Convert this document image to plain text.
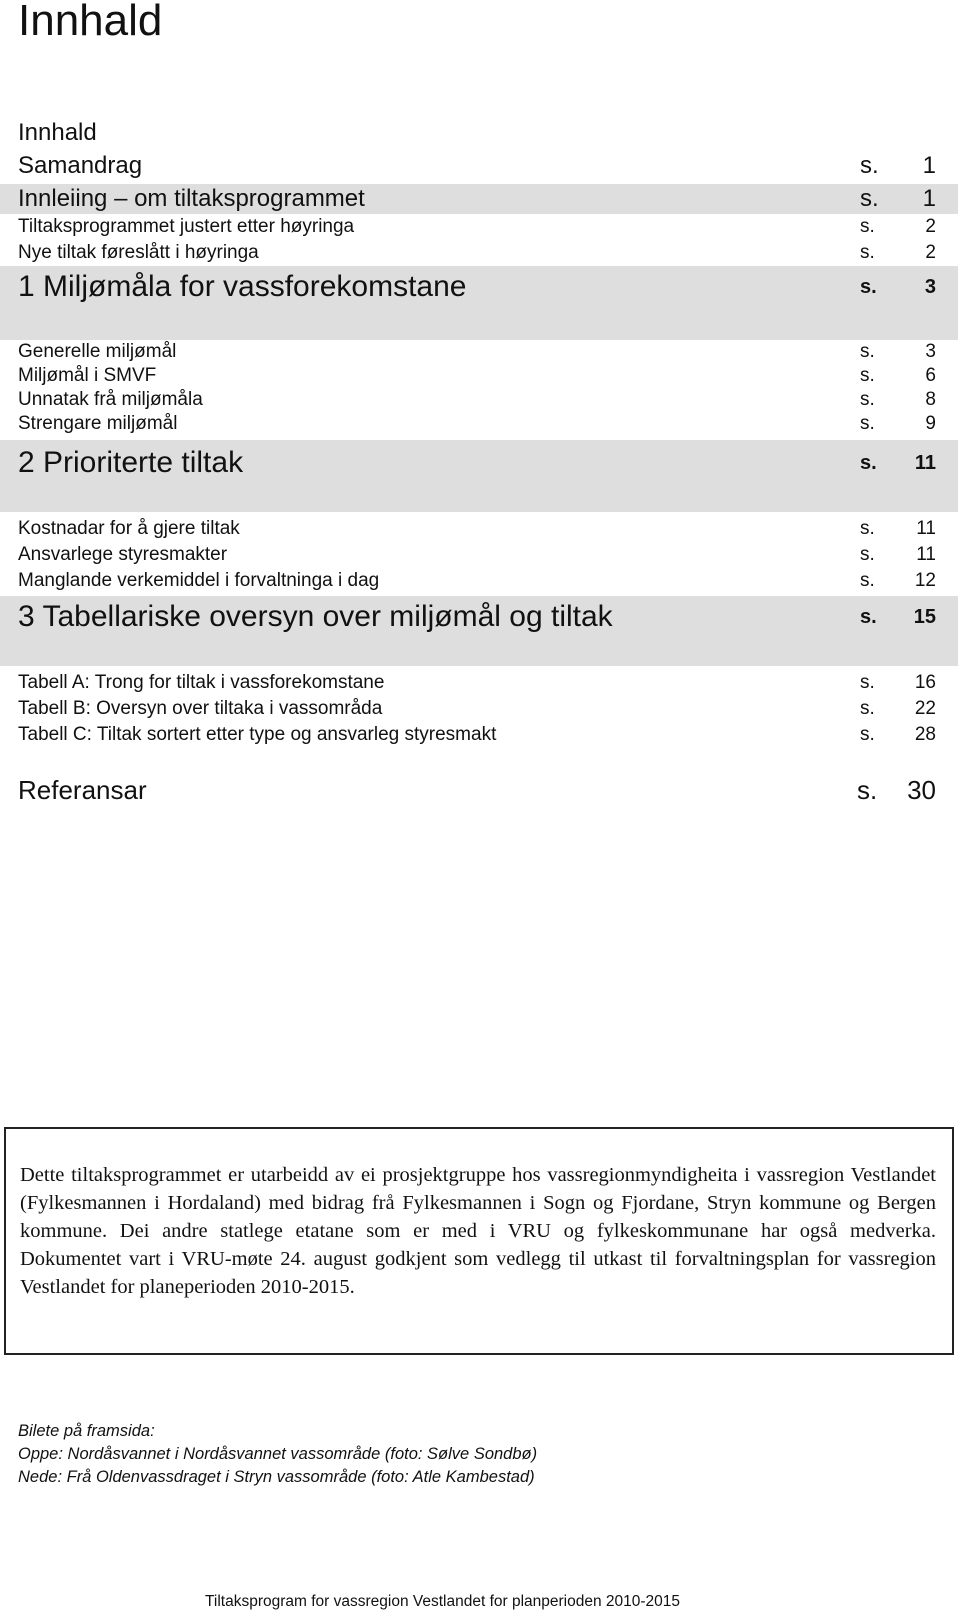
Innhald
Innhald
Samandrag	s. 1
Innleiing – om tiltaksprogrammet	s. 1
Tiltaksprogrammet justert etter høyringa	s.	2
Nye tiltak føreslått i høyringa	s.	2
1 Miljømåla for vassforekomstane	s. 3
Generelle miljømål	s.	3
Miljømål i SMVF	s.	6
Unnatak frå miljømåla	s.	8
Strengare miljømål	s.	9
2 Prioriterte tiltak	s. 11
Kostnadar for å gjere tiltak	s. 11
Ansvarlege styresmakter	s. 11
Manglande verkemiddel i forvaltninga i dag	s. 12
3 Tabellariske oversyn over miljømål og tiltak	s. 15
Tabell A: Trong for tiltak i vassforekomstane	s. 16
Tabell B: Oversyn over tiltaka i vassområda	s. 22
Tabell C: Tiltak sortert etter type og ansvarleg styresmakt	s. 28
Referansar	s. 30
Dette tiltaksprogrammet er utarbeidd av ei prosjektgruppe hos vassregionmyndigheita i vassregion Vestlandet (Fylkesmannen i Hordaland) med bidrag frå Fylkesmannen i Sogn og Fjordane, Stryn kommune og Bergen kommune. Dei andre statlege etatane som er med i VRU og fylkeskommunane har også medverka. Dokumentet vart i VRU-møte 24. august godkjent som vedlegg til utkast til forvaltningsplan for vassregion Vestlandet for planeperioden 2010-2015.
Bilete på framsida:
Oppe: Nordåsvannet i Nordåsvannet vassområde (foto: Sølve Sondbø)
Nede: Frå Oldenvassdraget i Stryn vassområde (foto: Atle Kambestad)
Tiltaksprogram for vassregion Vestlandet for planperioden 2010-2015
